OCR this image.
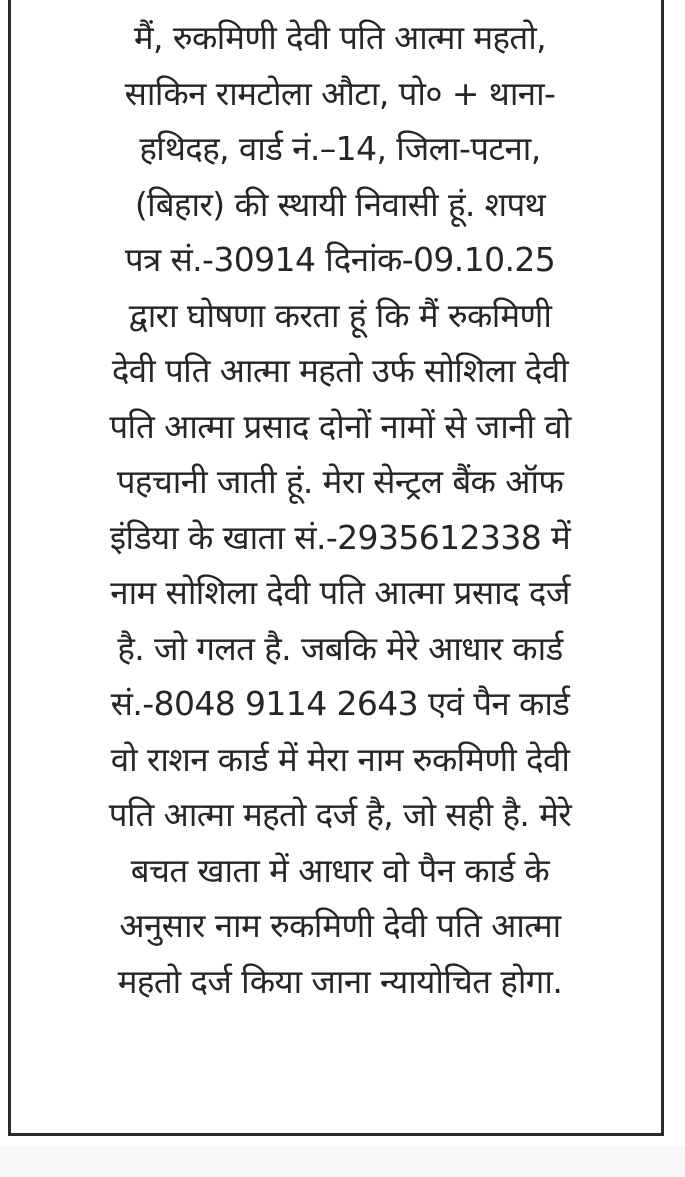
मैं, रुकमिणी देवी पति आत्मा महतो,
साकिन रामटोला औटा, पो० + थाना-
हथिदह, वार्ड नं.–14, जिला-पटना,
(बिहार) की स्थायी निवासी हूं. शपथ
पत्र सं.-30914 दिनांक-09.10.25
द्वारा घोषणा करता हूं कि मैं रुकमिणी
देवी पति आत्मा महतो उर्फ सोशिला देवी
पति आत्मा प्रसाद दोनों नामों से जानी वो
पहचानी जाती हूं. मेरा सेन्ट्रल बैंक ऑफ
इंडिया के खाता सं.-2935612338 में
नाम सोशिला देवी पति आत्मा प्रसाद दर्ज
है. जो गलत है. जबकि मेरे आधार कार्ड
सं.-8048 9114 2643 एवं पैन कार्ड
वो राशन कार्ड में मेरा नाम रुकमिणी देवी
पति आत्मा महतो दर्ज है, जो सही है. मेरे
बचत खाता में आधार वो पैन कार्ड के
अनुसार नाम रुकमिणी देवी पति आत्मा
महतो दर्ज किया जाना न्यायोचित होगा.
